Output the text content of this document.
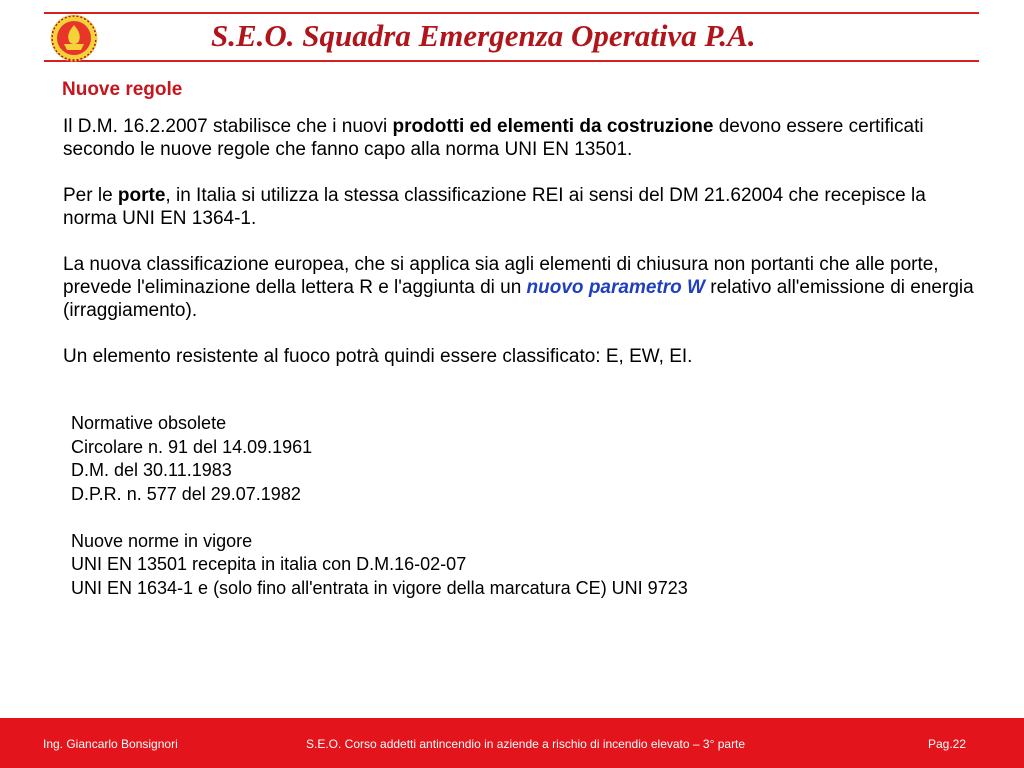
S.E.O. Squadra Emergenza Operativa P.A.
Nuove regole

Il D.M. 16.2.2007 stabilisce che i nuovi prodotti ed elementi da costruzione devono essere certificati secondo le nuove regole che fanno capo alla norma UNI EN 13501.

Per le porte, in Italia si utilizza la stessa classificazione REI ai sensi del DM 21.62004 che recepisce la norma UNI EN 1364-1.

La nuova classificazione europea, che si applica sia agli elementi di chiusura non portanti che alle porte, prevede l'eliminazione della lettera R e l'aggiunta di un nuovo parametro W relativo all'emissione di energia (irraggiamento).

Un elemento resistente al fuoco potrà quindi essere classificato: E, EW, EI.

Normative obsolete
Circolare n. 91 del 14.09.1961
D.M. del 30.11.1983
D.P.R. n. 577 del 29.07.1982
Nuove norme in vigore
UNI EN 13501 recepita in italia con D.M.16-02-07
UNI EN 1634-1 e (solo fino all'entrata in vigore della marcatura CE) UNI 9723
Ing. Giancarlo Bonsignori	S.E.O. Corso addetti antincendio in aziende a rischio di incendio elevato – 3° parte	Pag.22
